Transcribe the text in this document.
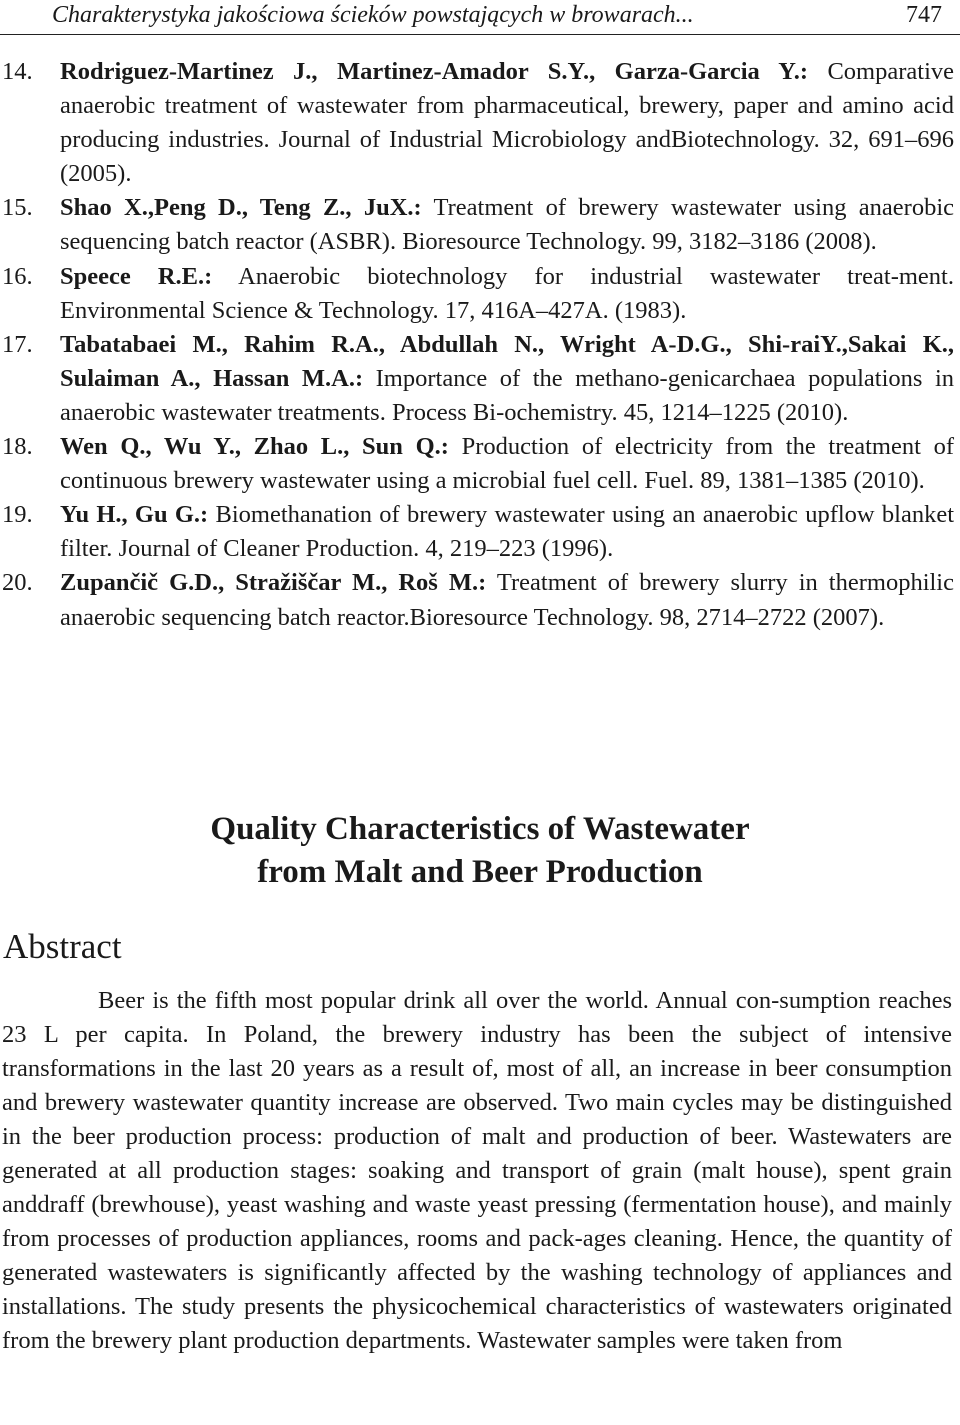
Charakterystyka jakościowa ścieków powstających w browarach...	747
14. Rodriguez-Martinez J., Martinez-Amador S.Y., Garza-Garcia Y.: Comparative anaerobic treatment of wastewater from pharmaceutical, brewery, paper and amino acid producing industries. Journal of Industrial Microbiology andBiotechnology. 32, 691–696 (2005).
15. Shao X.,Peng D., Teng Z., JuX.: Treatment of brewery wastewater using anaerobic sequencing batch reactor (ASBR). Bioresource Technology. 99, 3182–3186 (2008).
16. Speece R.E.: Anaerobic biotechnology for industrial wastewater treat-ment. Environmental Science & Technology. 17, 416A–427A. (1983).
17. Tabatabaei M., Rahim R.A., Abdullah N., Wright A-D.G., Shi-raiY.,Sakai K., Sulaiman A., Hassan M.A.: Importance of the methano-genicarchaea populations in anaerobic wastewater treatments. Process Bi-ochemistry. 45, 1214–1225 (2010).
18. Wen Q., Wu Y., Zhao L., Sun Q.: Production of electricity from the treatment of continuous brewery wastewater using a microbial fuel cell. Fuel. 89, 1381–1385 (2010).
19. Yu H., Gu G.: Biomethanation of brewery wastewater using an anaerobic upflow blanket filter. Journal of Cleaner Production. 4, 219–223 (1996).
20. Zupančič G.D., Stražiščar M., Roš M.: Treatment of brewery slurry in thermophilic anaerobic sequencing batch reactor.Bioresource Technology. 98, 2714–2722 (2007).
Quality Characteristics of Wastewater
from Malt and Beer Production
Abstract

Beer is the fifth most popular drink all over the world. Annual con-sumption reaches 23 L per capita. In Poland, the brewery industry has been the subject of intensive transformations in the last 20 years as a result of, most of all, an increase in beer consumption and brewery wastewater quantity increase are observed. Two main cycles may be distinguished in the beer production process: production of malt and production of beer. Wastewaters are generated at all production stages: soaking and transport of grain (malt house), spent grain anddraff (brewhouse), yeast washing and waste yeast pressing (fermentation house), and mainly from processes of production appliances, rooms and pack-ages cleaning. Hence, the quantity of generated wastewaters is significantly affected by the washing technology of appliances and installations. The study presents the physicochemical characteristics of wastewaters originated from the brewery plant production departments. Wastewater samples were taken from
